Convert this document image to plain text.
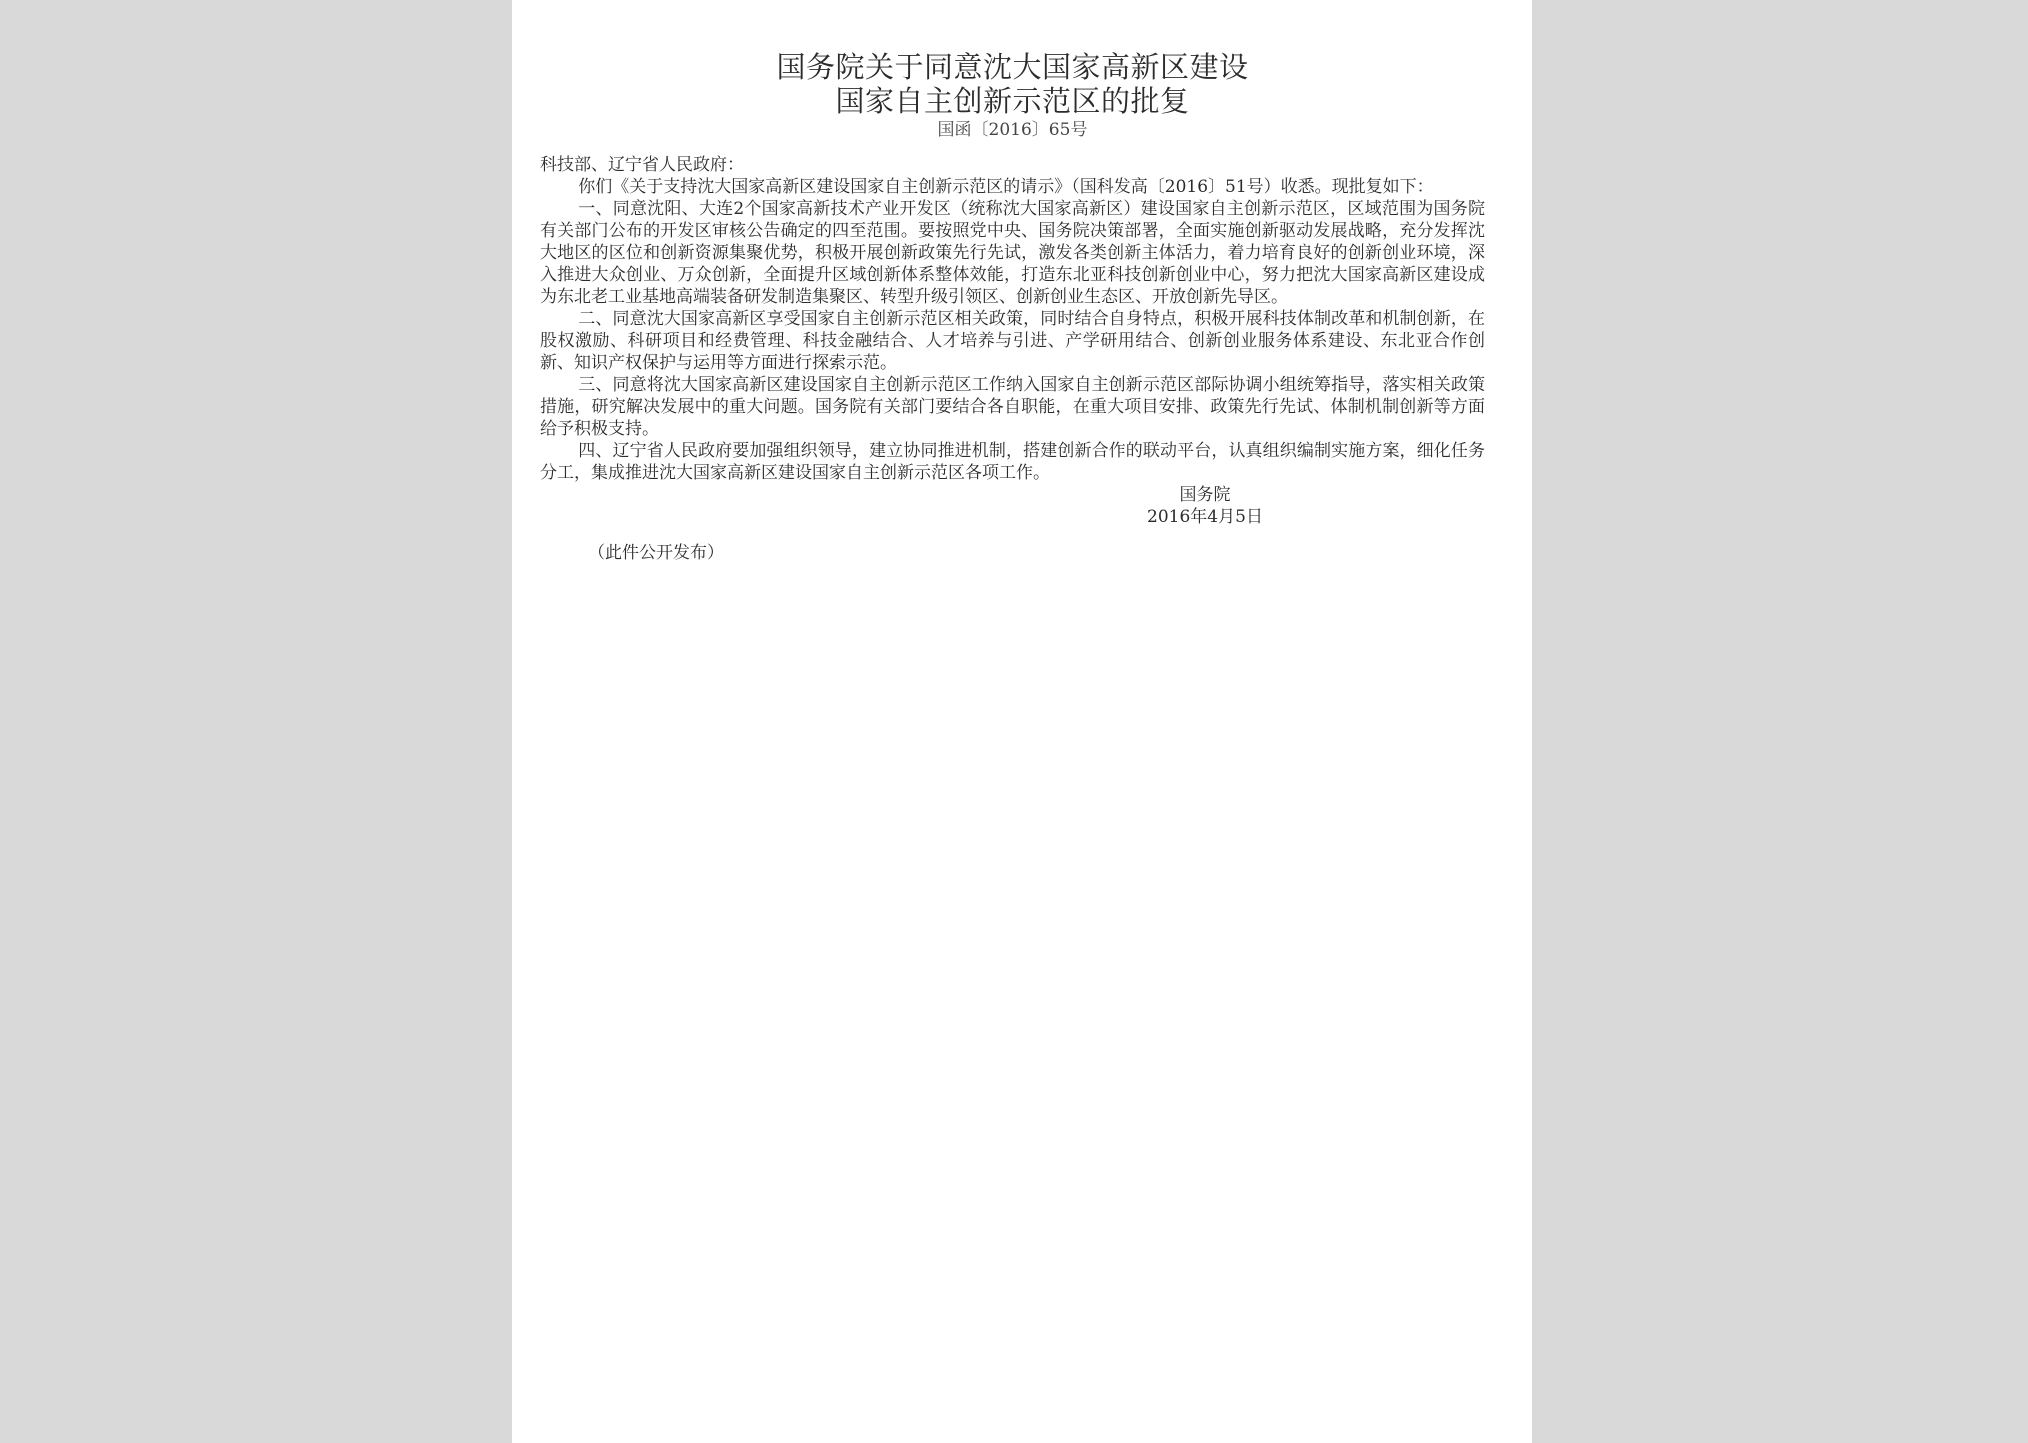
国务院关于同意沈大国家高新区建设
国家自主创新示范区的批复
国函〔2016〕65号

科技部、辽宁省人民政府：

你们《关于支持沈大国家高新区建设国家自主创新示范区的请示》（国科发高〔2016〕51号）收悉。现批复如下：

一、同意沈阳、大连2个国家高新技术产业开发区（统称沈大国家高新区）建设国家自主创新示范区，区域范围为国务院有关部门公布的开发区审核公告确定的四至范围。要按照党中央、国务院决策部署，全面实施创新驱动发展战略，充分发挥沈大地区的区位和创新资源集聚优势，积极开展创新政策先行先试，激发各类创新主体活力，着力培育良好的创新创业环境，深入推进大众创业、万众创新，全面提升区域创新体系整体效能，打造东北亚科技创新创业中心，努力把沈大国家高新区建设成为东北老工业基地高端装备研发制造集聚区、转型升级引领区、创新创业生态区、开放创新先导区。

二、同意沈大国家高新区享受国家自主创新示范区相关政策，同时结合自身特点，积极开展科技体制改革和机制创新，在股权激励、科研项目和经费管理、科技金融结合、人才培养与引进、产学研用结合、创新创业服务体系建设、东北亚合作创新、知识产权保护与运用等方面进行探索示范。

三、同意将沈大国家高新区建设国家自主创新示范区工作纳入国家自主创新示范区部际协调小组统筹指导，落实相关政策措施，研究解决发展中的重大问题。国务院有关部门要结合各自职能，在重大项目安排、政策先行先试、体制机制创新等方面给予积极支持。

四、辽宁省人民政府要加强组织领导，建立协同推进机制，搭建创新合作的联动平台，认真组织编制实施方案，细化任务分工，集成推进沈大国家高新区建设国家自主创新示范区各项工作。

国务院

2016年4月5日

（此件公开发布）
